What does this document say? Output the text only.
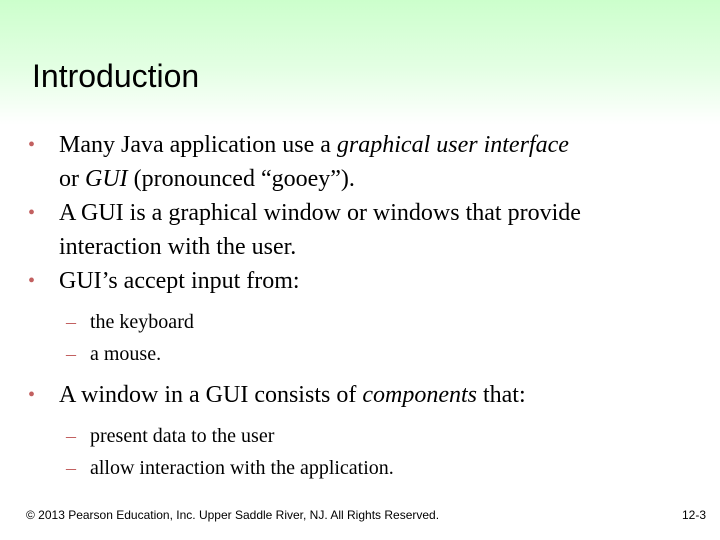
Introduction
• Many Java application use a graphical user interface
or GUI (pronounced “gooey”).
• A GUI is a graphical window or windows that provide
interaction with the user.
• GUI’s accept input from:
– the keyboard
– a mouse.
• A window in a GUI consists of components that:
– present data to the user
– allow interaction with the application.
© 2013 Pearson Education, Inc. Upper Saddle River, NJ. All Rights Reserved.	12-3
